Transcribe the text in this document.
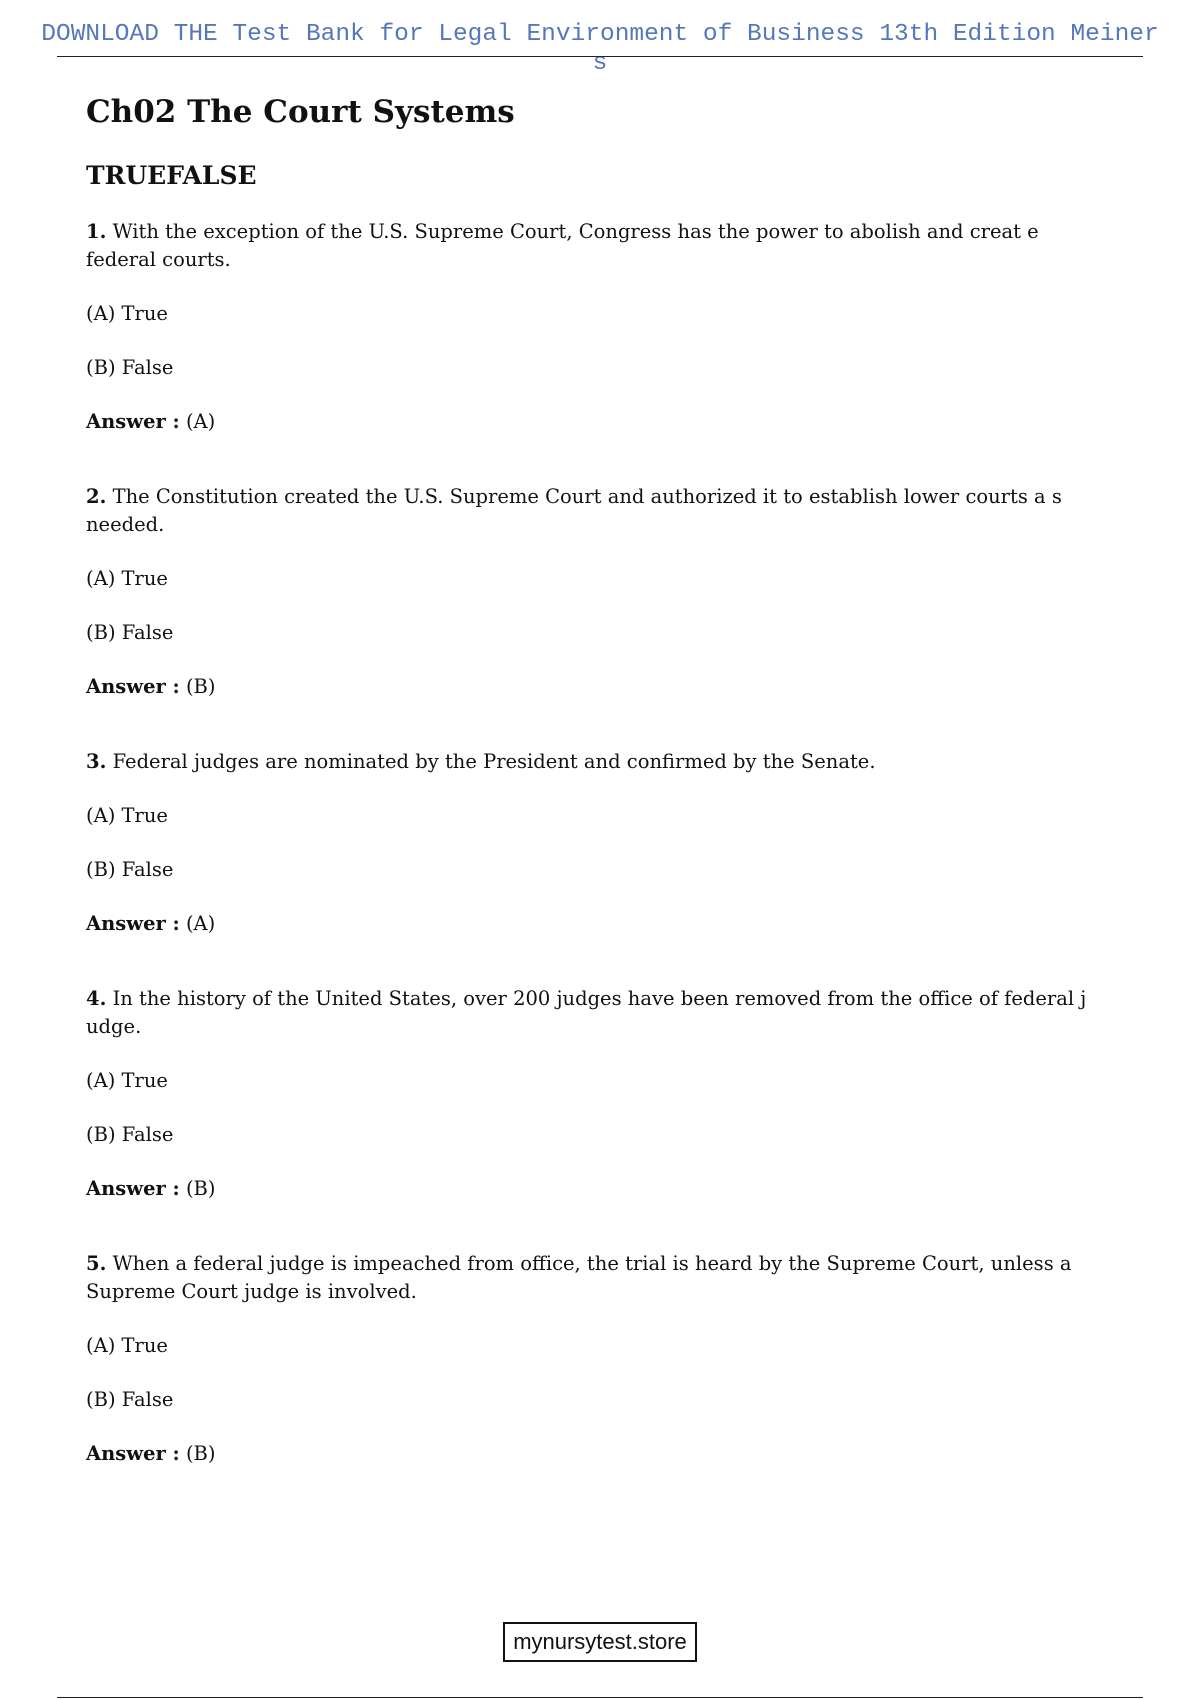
DOWNLOAD THE Test Bank for Legal Environment of Business 13th Edition Meiner
s
Ch02 The Court Systems
TRUEFALSE

1. With the exception of the U.S. Supreme Court, Congress has the power to abolish and creat e federal courts.

(A) True
(B) False
Answer : (A)

2. The Constitution created the U.S. Supreme Court and authorized it to establish lower courts a s needed.

(A) True
(B) False
Answer : (B)

3. Federal judges are nominated by the President and confirmed by the Senate.

(A) True
(B) False
Answer : (A)

4. In the history of the United States, over 200 judges have been removed from the office of federal j udge.

(A) True
(B) False
Answer : (B)

5. When a federal judge is impeached from office, the trial is heard by the Supreme Court, unless a Supreme Court judge is involved.

(A) True
(B) False
Answer : (B)
mynursytest.store
